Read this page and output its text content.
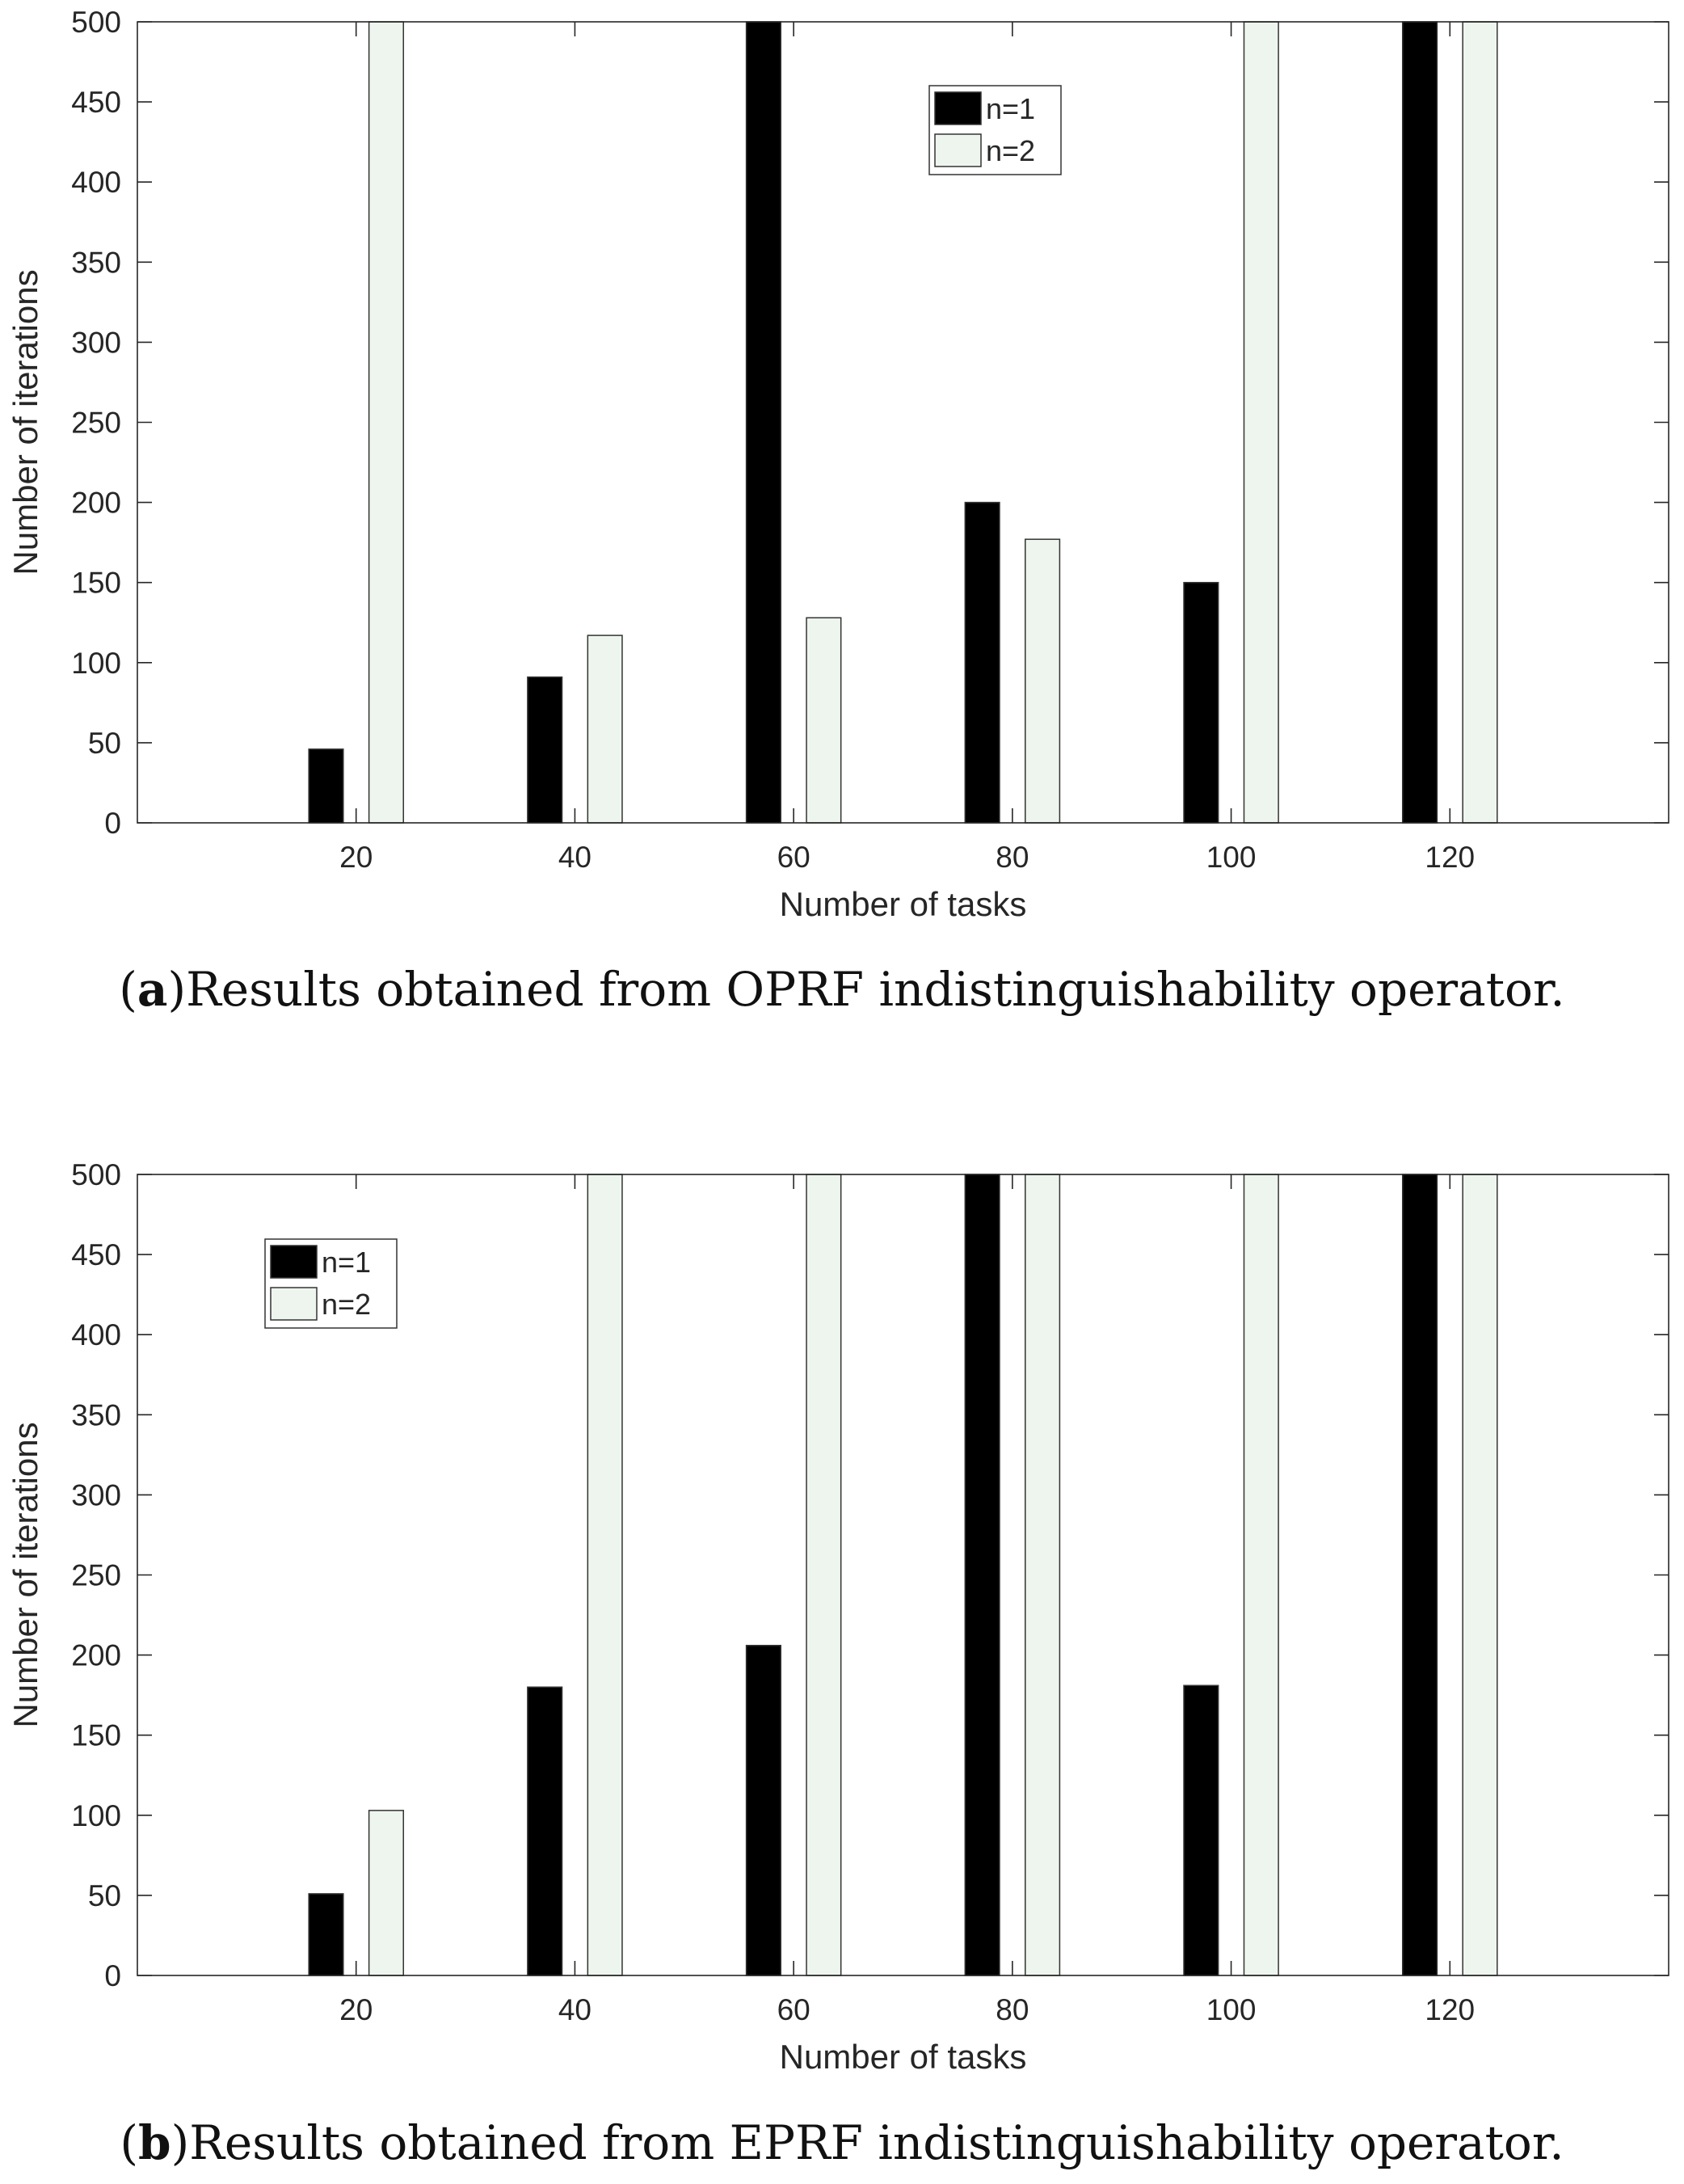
0
50
100
150
200
250
300
350
400
450
500
20	40	60	80	100	120
Number of tasks
Number of iterations
n=1
n=2
0
50
100
150
200
250
300
350
400
450
500
20	40	60	80	100	120
Number of tasks
Number of iterations
n=1
n=2
(a)Results obtained from OPRF indistinguishability operator.
(b)Results obtained from EPRF indistinguishability operator.
